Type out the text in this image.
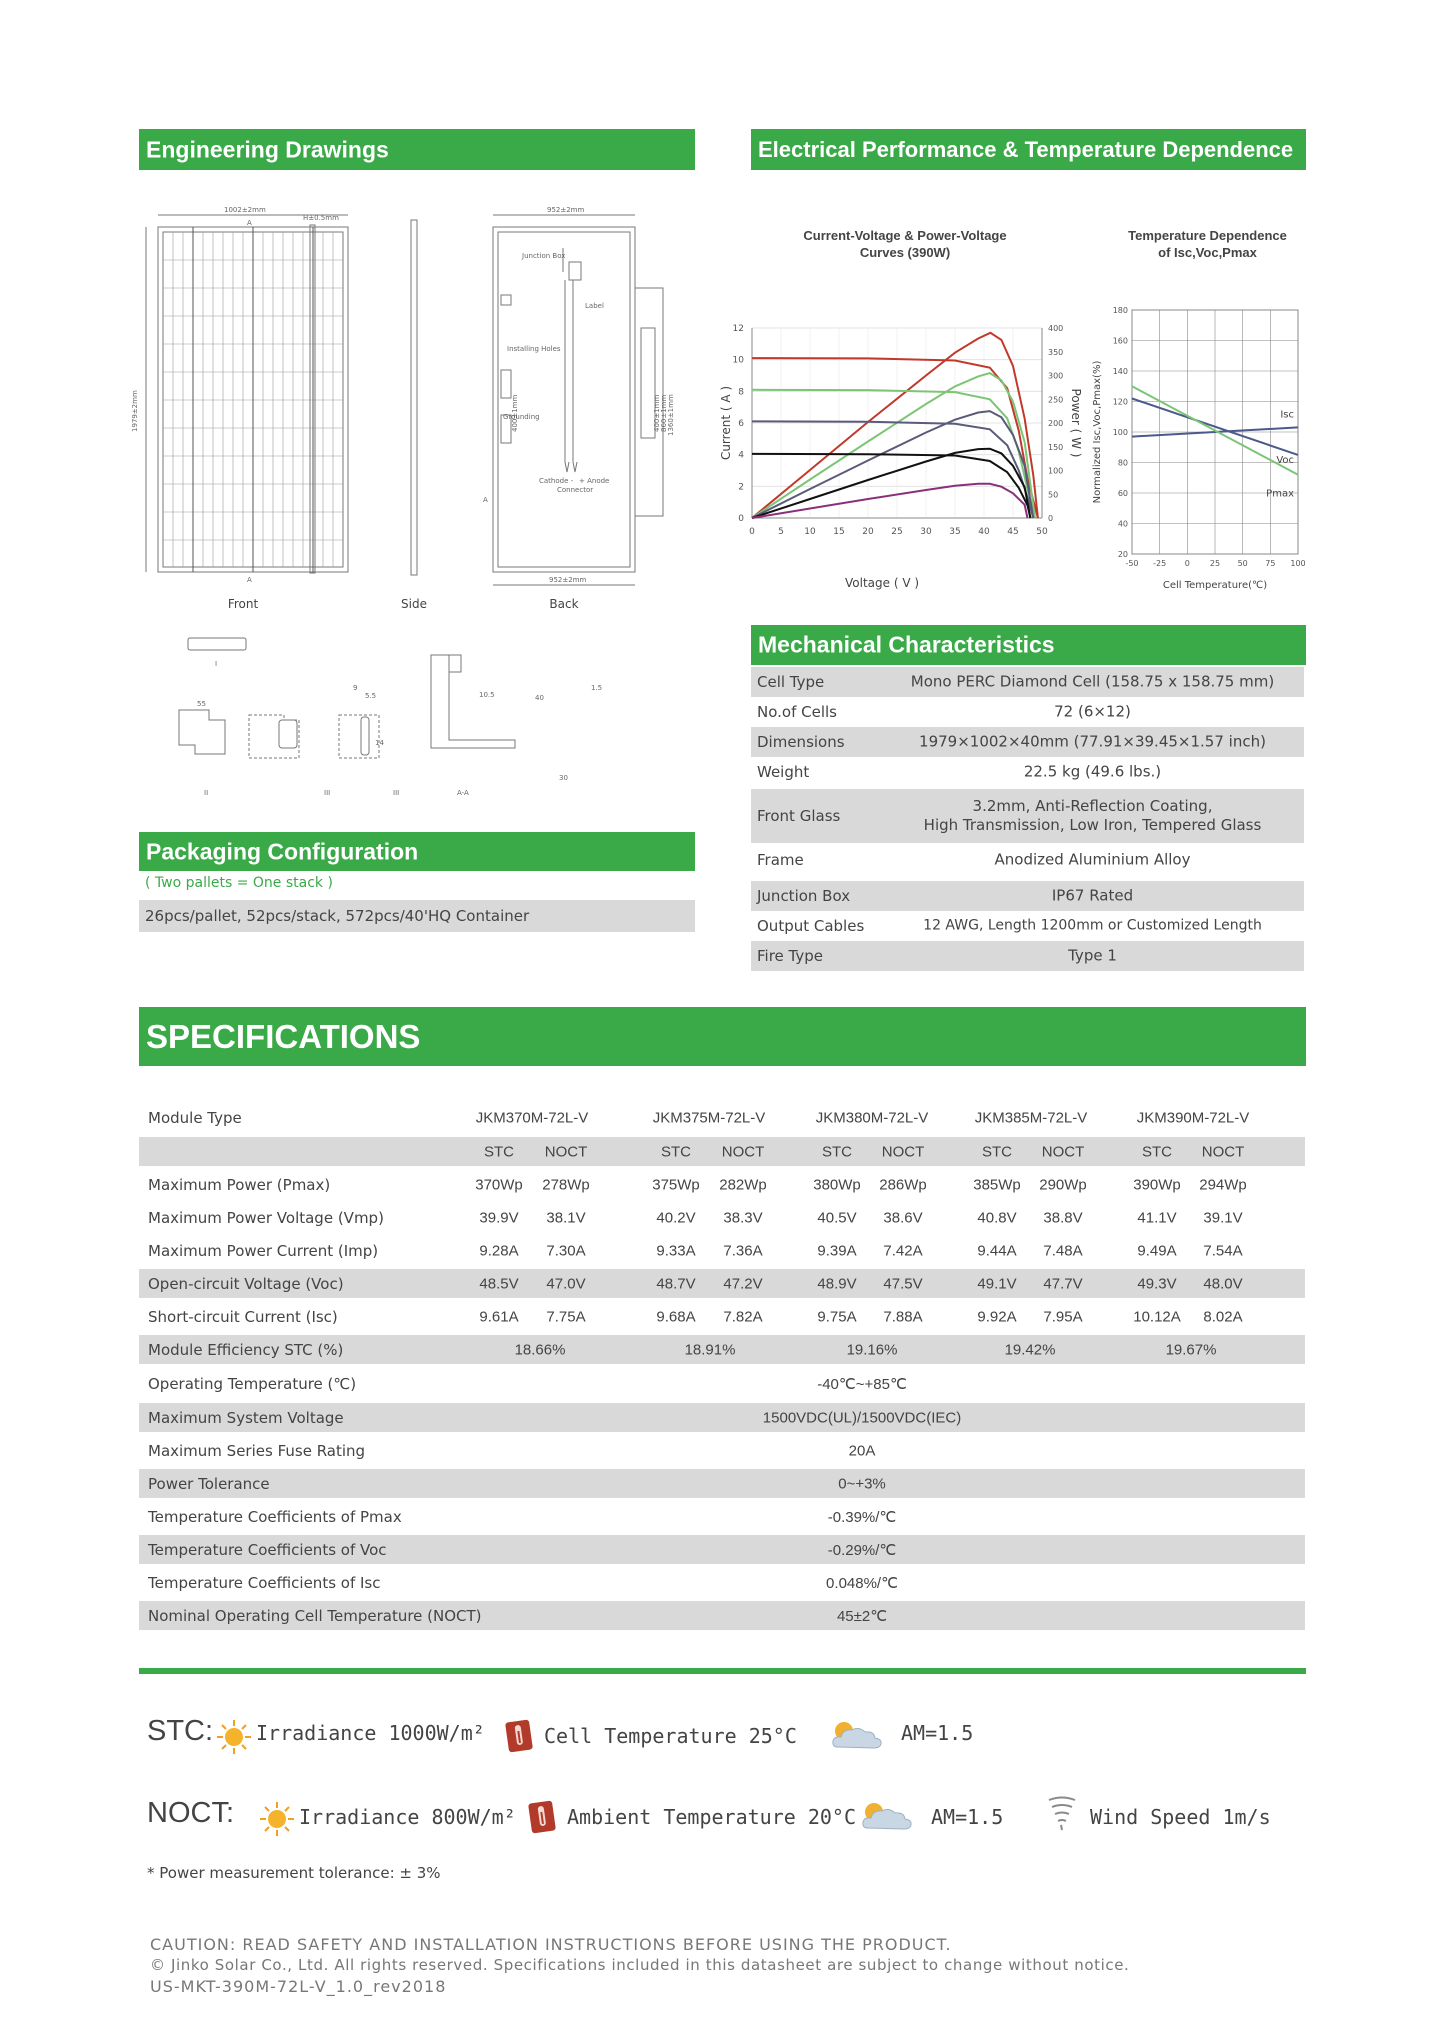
Engineering Drawings	Electrical Performance & Temperature Dependence
1002±2mm
1979±2mm
H±0.5mm
952±2mm
952±2mm
Junction Box
Label
Installing Holes
Grounding
Cathode - + Anode
Connector
400±1mm	400±1mm 860±1mm 1360±1mm
A
A
A
I
II	III	III	A-A
55
9
5.5
14
10.5	40
1.5
30
Front	Side	Back
Current-Voltage & Power-Voltage
Curves (390W)
0	5 10 15 20 25 30 35 40 45 50
0
2
4
6
8
10
12
0
50
100
150
200
250
300
350
400
Current ( A )	Power ( W )
Voltage ( V )
Temperature Dependence
of Isc,Voc,Pmax
20
40
60
80
100
120
140
160
180
-50 -25 0	25 50 75 100
Normalized Isc,Voc,Pmax(%)
Cell Temperature(℃)
Isc
Voc
Pmax
Mechanical Characteristics
Cell Type	Mono PERC Diamond Cell (158.75 x 158.75 mm)
No.of Cells	72 (6×12)
Dimensions	1979×1002×40mm (77.91×39.45×1.57 inch)
Weight	22.5 kg (49.6 lbs.)
Front Glass
3.2mm, Anti-Reflection Coating,
High Transmission, Low Iron, Tempered Glass
Frame	Anodized Aluminium Alloy
Junction Box	IP67 Rated
Output Cables	12 AWG, Length 1200mm or Customized Length
Fire Type	Type 1
Packaging Configuration
( Two pallets = One stack )
26pcs/pallet, 52pcs/stack, 572pcs/40'HQ Container
SPECIFICATIONS
Module Type	JKM370M-72L-V	JKM375M-72L-V	JKM380M-72L-V	JKM385M-72L-V	JKM390M-72L-V
STC NOCT	STC NOCT	STC NOCT	STC NOCT	STC NOCT
Maximum Power (Pmax)	370Wp 278Wp	375Wp 282Wp	380Wp 286Wp	385Wp 290Wp	390Wp 294Wp
Maximum Power Voltage (Vmp)	39.9V 38.1V	40.2V 38.3V	40.5V 38.6V	40.8V 38.8V	41.1V 39.1V
Maximum Power Current (Imp)	9.28A 7.30A	9.33A 7.36A	9.39A 7.42A	9.44A 7.48A	9.49A 7.54A
Open-circuit Voltage (Voc)	48.5V 47.0V	48.7V 47.2V	48.9V 47.5V	49.1V 47.7V	49.3V 48.0V
Short-circuit Current (Isc)	9.61A 7.75A	9.68A 7.82A	9.75A 7.88A	9.92A 7.95A	10.12A 8.02A
Module Efficiency STC (%)	18.66%	18.91%	19.16%	19.42%	19.67%
Operating Temperature (℃)	-40℃~+85℃
Maximum System Voltage	1500VDC(UL)/1500VDC(IEC)
Maximum Series Fuse Rating	20A
Power Tolerance	0~+3%
Temperature Coefficients of Pmax	-0.39%/℃
Temperature Coefficients of Voc	-0.29%/℃
Temperature Coefficients of Isc	0.048%/℃
Nominal Operating Cell Temperature (NOCT)	45±2℃
STC: Irradiance 1000W/m²	Cell Temperature 25°C	AM=1.5
NOCT:	Irradiance 800W/m²	Ambient Temperature 20°C	AM=1.5	Wind Speed 1m/s
* Power measurement tolerance: ± 3%
CAUTION: READ SAFETY AND INSTALLATION INSTRUCTIONS BEFORE USING THE PRODUCT.
© Jinko Solar Co., Ltd. All rights reserved. Specifications included in this datasheet are subject to change without notice.
US-MKT-390M-72L-V_1.0_rev2018
